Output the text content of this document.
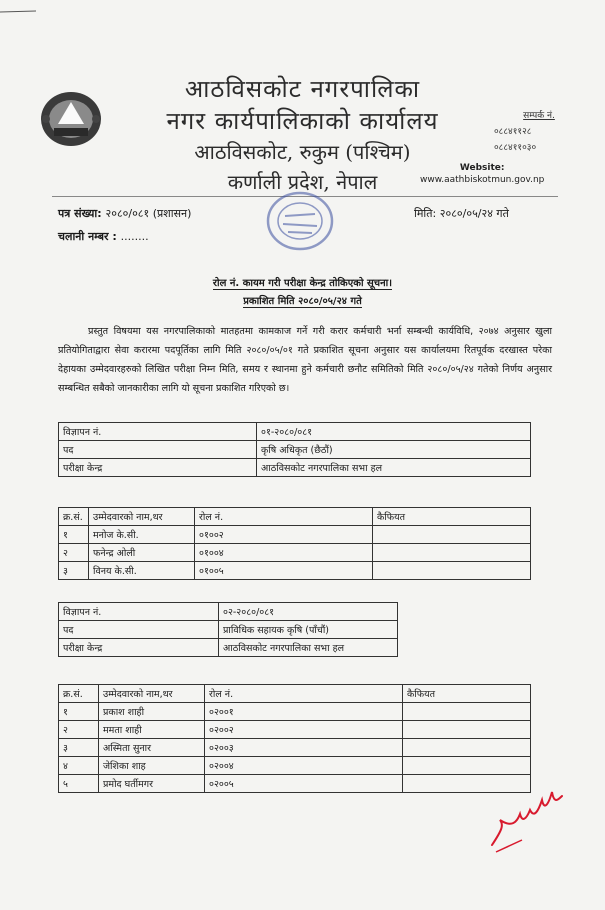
आठविसकोट नगरपालिका
नगर कार्यपालिकाको कार्यालय
आठविसकोट, रुकुम (पश्चिम)
कर्णाली प्रदेश, नेपाल
सम्पर्क नं.
०८८४११२८
०८८४११०३०
Website:
www.aathbiskotmun.gov.np
पत्र संख्या: २०८०/०८१ (प्रशासन)
चलानी नम्बर : ........
मिति: २०८०/०५/२४ गते
रोल नं. कायम गरी परीक्षा केन्द्र तोकिएको सूचना।
प्रकाशित मिति २०८०/०५/२४ गते
प्रस्तुत विषयमा यस नगरपालिकाको मातहतमा कामकाज गर्ने गरी करार कर्मचारी भर्ना सम्बन्धी कार्यविधि, २०७४ अनुसार खुला प्रतियोगिताद्वारा सेवा करारमा पदपूर्तिका लागि मिति २०८०/०५/०१ गते प्रकाशित सूचना अनुसार यस कार्यालयमा रितपूर्वक दरखास्त परेका देहायका उम्मेदवारहरुको लिखित परीक्षा निम्न मिति, समय र स्थानमा हुने कर्मचारी छनौट समितिको मिति २०८०/०५/२४ गतेको निर्णय अनुसार सम्बन्धित सबैको जानकारीका लागि यो सूचना प्रकाशित गरिएको छ।
विज्ञापन नं.	०१-२०८०/०८१
पद	कृषि अधिकृत (छैठौं)
परीक्षा केन्द्र	आठविसकोट नगरपालिका सभा हल
क्र.सं.	उम्मेदवारको नाम,थर	रोल नं.	कैफियत
१	मनोज के.सी.	०१००२	
२	फनेन्द्र ओली	०१००४	
३	विनय के.सी.	०१००५	
विज्ञापन नं.	०२-२०८०/०८१
पद	प्राविधिक सहायक कृषि (पाँचौं)
परीक्षा केन्द्र	आठविसकोट नगरपालिका सभा हल
क्र.सं.	उम्मेदवारको नाम,थर	रोल नं.	कैफियत
१	प्रकाश शाही	०२००१	
२	ममता शाही	०२००२	
३	अस्मिता सुनार	०२००३	
४	जेशिका शाह	०२००४	
५	प्रमोद घर्तीमगर	०२००५	
